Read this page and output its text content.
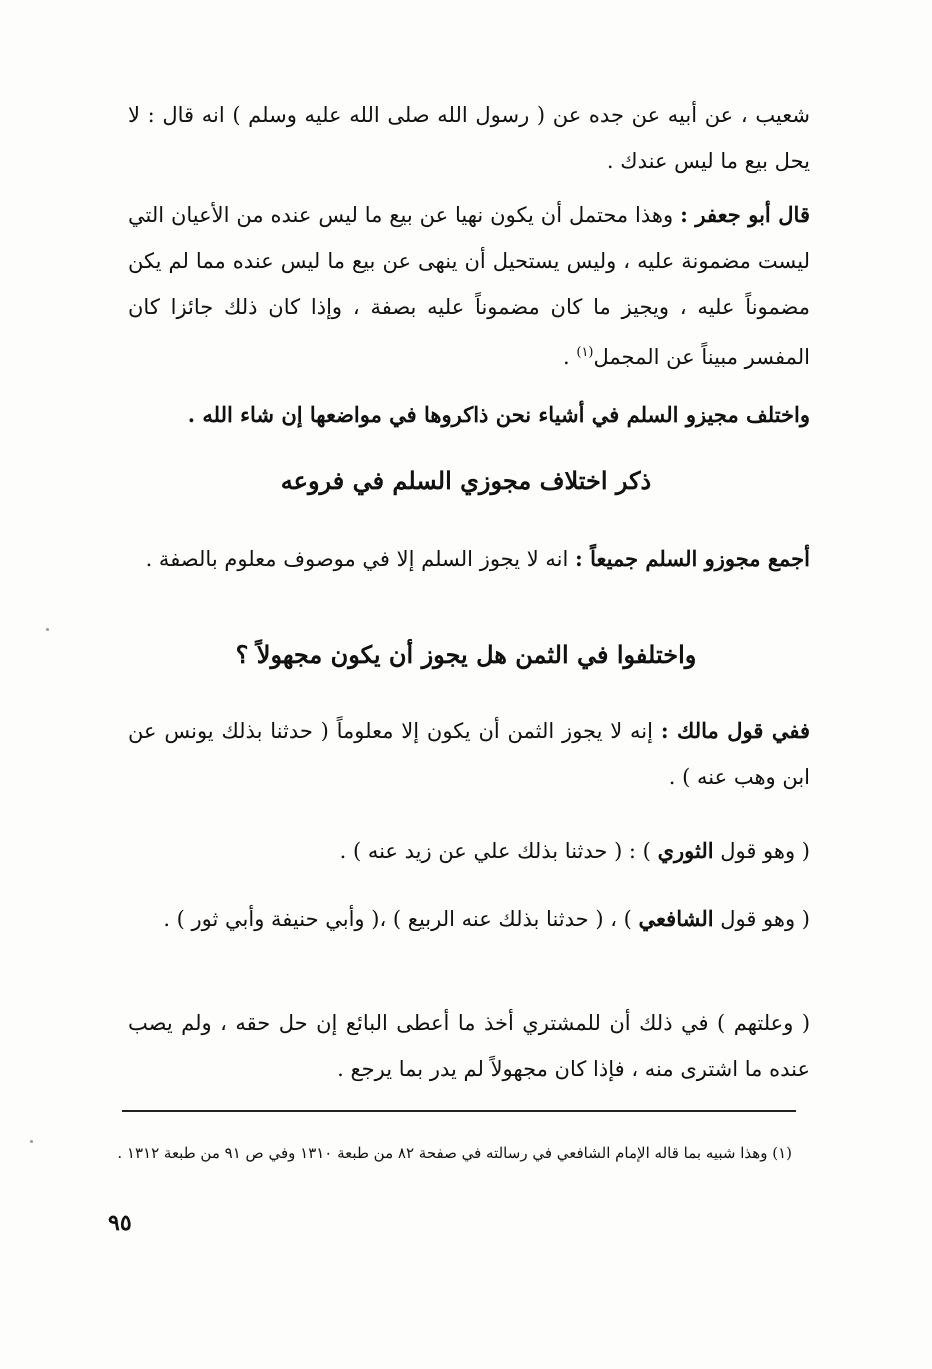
شعيب ، عن أبيه عن جده عن ( رسول الله صلى الله عليه وسلم ) انه قال : لا يحل بيع ما ليس عندك .
قال أبو جعفر : وهذا محتمل أن يكون نهيا عن بيع ما ليس عنده من الأعيان التي ليست مضمونة عليه ، وليس يستحيل أن ينهى عن بيع ما ليس عنده مما لم يكن مضموناً عليه ، ويجيز ما كان مضموناً عليه بصفة ، وإذا كان ذلك جائزا كان المفسر مبيناً عن المجمل$^{(١)}$ .
واختلف مجيزو السلم في أشياء نحن ذاكروها في مواضعها إن شاء الله .
ذكر اختلاف مجوزي السلم في فروعه
أجمع مجوزو السلم جميعاً : انه لا يجوز السلم إلا في موصوف معلوم بالصفة .
واختلفوا في الثمن هل يجوز أن يكون مجهولاً ؟
ففي قول مالك : إنه لا يجوز الثمن أن يكون إلا معلوماً ( حدثنا بذلك يونس عن ابن وهب عنه ) .
( وهو قول الثوري ) : ( حدثنا بذلك علي عن زيد عنه ) .
( وهو قول الشافعي ) ، ( حدثنا بذلك عنه الربيع ) ،( وأبي حنيفة وأبي ثور ) .
( وعلتهم ) في ذلك أن للمشتري أخذ ما أعطى البائع إن حل حقه ، ولم يصب عنده ما اشترى منه ، فإذا كان مجهولاً لم يدر بما يرجع .
(١) وهذا شبيه بما قاله الإمام الشافعي في رسالته في صفحة ٨٢ من طبعة ١٣١٠ وفي ص ٩١ من طبعة ١٣١٢ .
٩٥
